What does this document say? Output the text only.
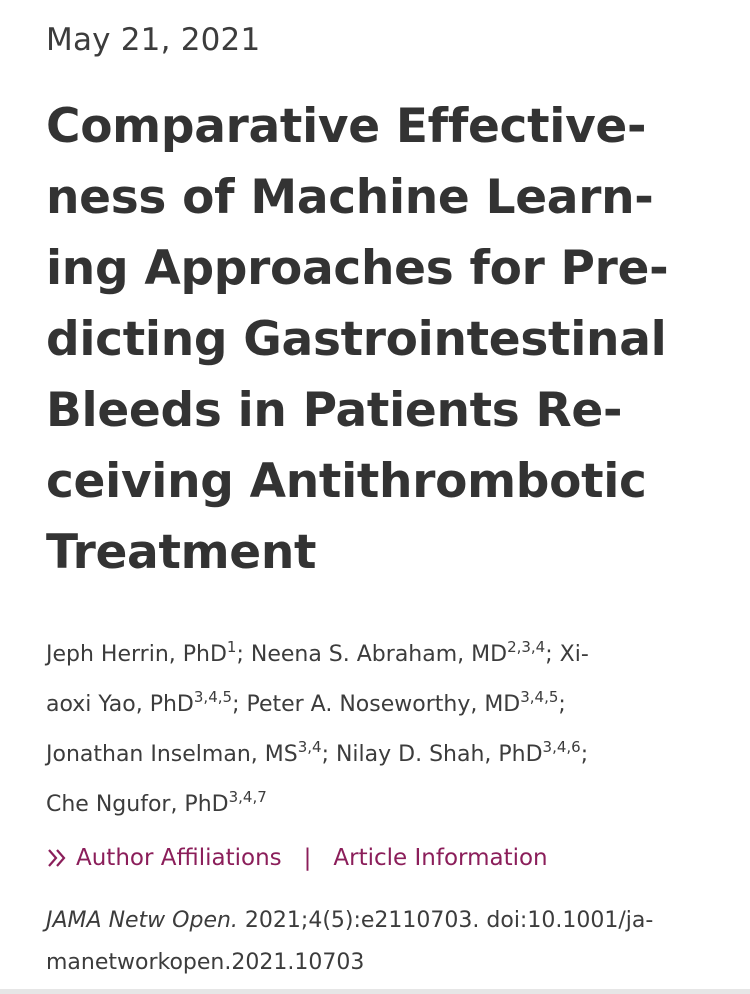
May 21, 2021
Comparative Effective-
ness of Machine Learn-
ing Approaches for Pre-
dicting Gastrointestinal
Bleeds in Patients Re-
ceiving Antithrombotic
Treatment
Jeph Herrin, PhD$^1$; Neena S. Abraham, MD$^{2,3,4}$; Xi-
aoxi Yao, PhD$^{3,4,5}$; Peter A. Noseworthy, MD$^{3,4,5}$;
Jonathan Inselman, MS$^{3,4}$; Nilay D. Shah, PhD$^{3,4,6}$;
Che Ngufor, PhD$^{3,4,7}$
Author Affiliations | Article Information
JAMA Netw Open. 2021;4(5):e2110703. doi:10.1001/ja-
manetworkopen.2021.10703
